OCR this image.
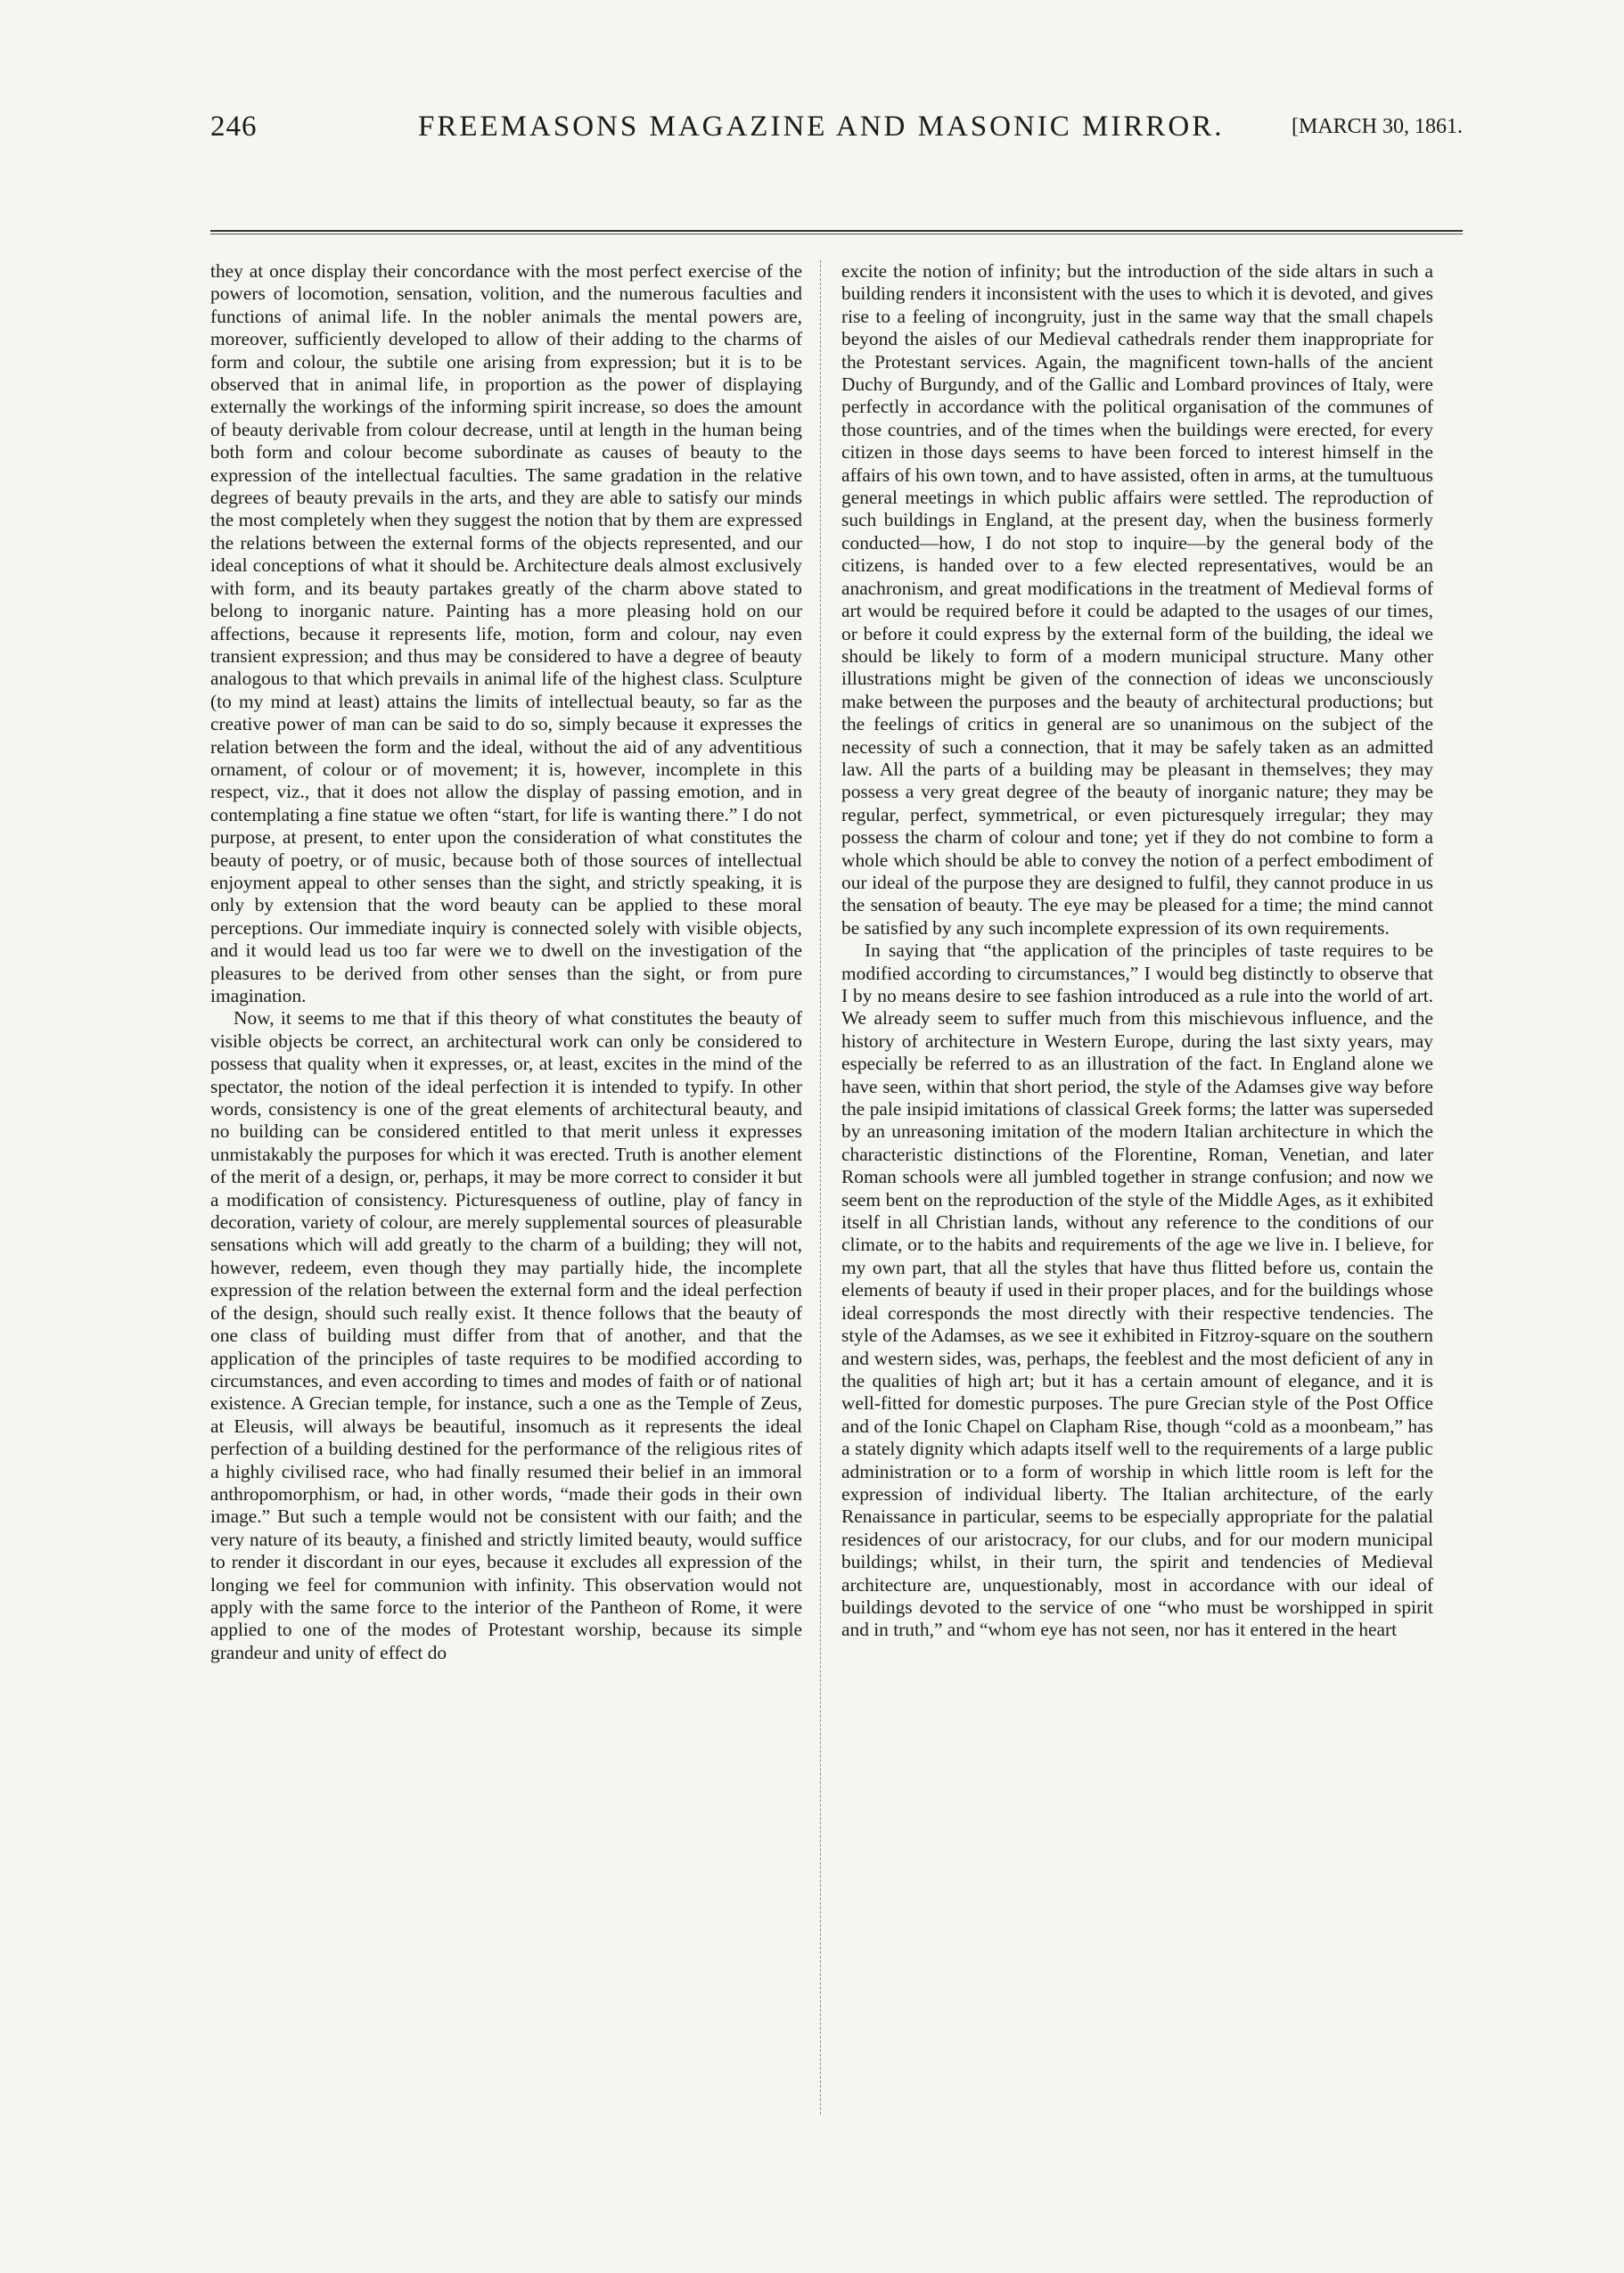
246	FREEMASONS MAGAZINE AND MASONIC MIRROR.	[MARCH 30, 1861.

they at once display their concordance with the most perfect exercise of the powers of locomotion, sensation, volition, and the numerous faculties and functions of animal life. In the nobler animals the mental powers are, moreover, sufficiently developed to allow of their adding to the charms of form and colour, the subtile one arising from expression; but it is to be observed that in animal life, in proportion as the power of displaying externally the workings of the informing spirit increase, so does the amount of beauty derivable from colour decrease, until at length in the human being both form and colour become subordinate as causes of beauty to the expression of the intellectual faculties. The same gradation in the relative degrees of beauty prevails in the arts, and they are able to satisfy our minds the most completely when they suggest the notion that by them are expressed the relations between the external forms of the objects represented, and our ideal conceptions of what it should be. Architecture deals almost exclusively with form, and its beauty partakes greatly of the charm above stated to belong to inorganic nature. Painting has a more pleasing hold on our affections, because it represents life, motion, form and colour, nay even transient expression; and thus may be considered to have a degree of beauty analogous to that which prevails in animal life of the highest class. Sculpture (to my mind at least) attains the limits of intellectual beauty, so far as the creative power of man can be said to do so, simply because it expresses the relation between the form and the ideal, without the aid of any adventitious ornament, of colour or of movement; it is, however, incomplete in this respect, viz., that it does not allow the display of passing emotion, and in contemplating a fine statue we often “start, for life is wanting there.” I do not purpose, at present, to enter upon the consideration of what constitutes the beauty of poetry, or of music, because both of those sources of intellectual enjoyment appeal to other senses than the sight, and strictly speaking, it is only by extension that the word beauty can be applied to these moral perceptions. Our immediate inquiry is connected solely with visible objects, and it would lead us too far were we to dwell on the investigation of the pleasures to be derived from other senses than the sight, or from pure imagination.

Now, it seems to me that if this theory of what constitutes the beauty of visible objects be correct, an architectural work can only be considered to possess that quality when it expresses, or, at least, excites in the mind of the spectator, the notion of the ideal perfection it is intended to typify. In other words, consistency is one of the great elements of architectural beauty, and no building can be considered entitled to that merit unless it expresses unmistakably the purposes for which it was erected. Truth is another element of the merit of a design, or, perhaps, it may be more correct to consider it but a modification of consistency. Picturesqueness of outline, play of fancy in decoration, variety of colour, are merely supplemental sources of pleasurable sensations which will add greatly to the charm of a building; they will not, however, redeem, even though they may partially hide, the incomplete expression of the relation between the external form and the ideal perfection of the design, should such really exist. It thence follows that the beauty of one class of building must differ from that of another, and that the application of the principles of taste requires to be modified according to circumstances, and even according to times and modes of faith or of national existence. A Grecian temple, for instance, such a one as the Temple of Zeus, at Eleusis, will always be beautiful, insomuch as it represents the ideal perfection of a building destined for the performance of the religious rites of a highly civilised race, who had finally resumed their belief in an immoral anthropomorphism, or had, in other words, “made their gods in their own image.” But such a temple would not be consistent with our faith; and the very nature of its beauty, a finished and strictly limited beauty, would suffice to render it discordant in our eyes, because it excludes all expression of the longing we feel for communion with infinity. This observation would not apply with the same force to the interior of the Pantheon of Rome, it were applied to one of the modes of Protestant worship, because its simple grandeur and unity of effect do

excite the notion of infinity; but the introduction of the side altars in such a building renders it inconsistent with the uses to which it is devoted, and gives rise to a feeling of incongruity, just in the same way that the small chapels beyond the aisles of our Medieval cathedrals render them inappropriate for the Protestant services. Again, the magnificent town-halls of the ancient Duchy of Burgundy, and of the Gallic and Lombard provinces of Italy, were perfectly in accordance with the political organisation of the communes of those countries, and of the times when the buildings were erected, for every citizen in those days seems to have been forced to interest himself in the affairs of his own town, and to have assisted, often in arms, at the tumultuous general meetings in which public affairs were settled. The reproduction of such buildings in England, at the present day, when the business formerly conducted—how, I do not stop to inquire—by the general body of the citizens, is handed over to a few elected representatives, would be an anachronism, and great modifications in the treatment of Medieval forms of art would be required before it could be adapted to the usages of our times, or before it could express by the external form of the building, the ideal we should be likely to form of a modern municipal structure. Many other illustrations might be given of the connection of ideas we unconsciously make between the purposes and the beauty of architectural productions; but the feelings of critics in general are so unanimous on the subject of the necessity of such a connection, that it may be safely taken as an admitted law. All the parts of a building may be pleasant in themselves; they may possess a very great degree of the beauty of inorganic nature; they may be regular, perfect, symmetrical, or even picturesquely irregular; they may possess the charm of colour and tone; yet if they do not combine to form a whole which should be able to convey the notion of a perfect embodiment of our ideal of the purpose they are designed to fulfil, they cannot produce in us the sensation of beauty. The eye may be pleased for a time; the mind cannot be satisfied by any such incomplete expression of its own requirements.

In saying that “the application of the principles of taste requires to be modified according to circumstances,” I would beg distinctly to observe that I by no means desire to see fashion introduced as a rule into the world of art. We already seem to suffer much from this mischievous influence, and the history of architecture in Western Europe, during the last sixty years, may especially be referred to as an illustration of the fact. In England alone we have seen, within that short period, the style of the Adamses give way before the pale insipid imitations of classical Greek forms; the latter was superseded by an unreasoning imitation of the modern Italian architecture in which the characteristic distinctions of the Florentine, Roman, Venetian, and later Roman schools were all jumbled together in strange confusion; and now we seem bent on the reproduction of the style of the Middle Ages, as it exhibited itself in all Christian lands, without any reference to the conditions of our climate, or to the habits and requirements of the age we live in. I believe, for my own part, that all the styles that have thus flitted before us, contain the elements of beauty if used in their proper places, and for the buildings whose ideal corresponds the most directly with their respective tendencies. The style of the Adamses, as we see it exhibited in Fitzroy-square on the southern and western sides, was, perhaps, the feeblest and the most deficient of any in the qualities of high art; but it has a certain amount of elegance, and it is well-fitted for domestic purposes. The pure Grecian style of the Post Office and of the Ionic Chapel on Clapham Rise, though “cold as a moonbeam,” has a stately dignity which adapts itself well to the requirements of a large public administration or to a form of worship in which little room is left for the expression of individual liberty. The Italian architecture, of the early Renaissance in particular, seems to be especially appropriate for the palatial residences of our aristocracy, for our clubs, and for our modern municipal buildings; whilst, in their turn, the spirit and tendencies of Medieval architecture are, unquestionably, most in accordance with our ideal of buildings devoted to the service of one “who must be worshipped in spirit and in truth,” and “whom eye has not seen, nor has it entered in the heart
